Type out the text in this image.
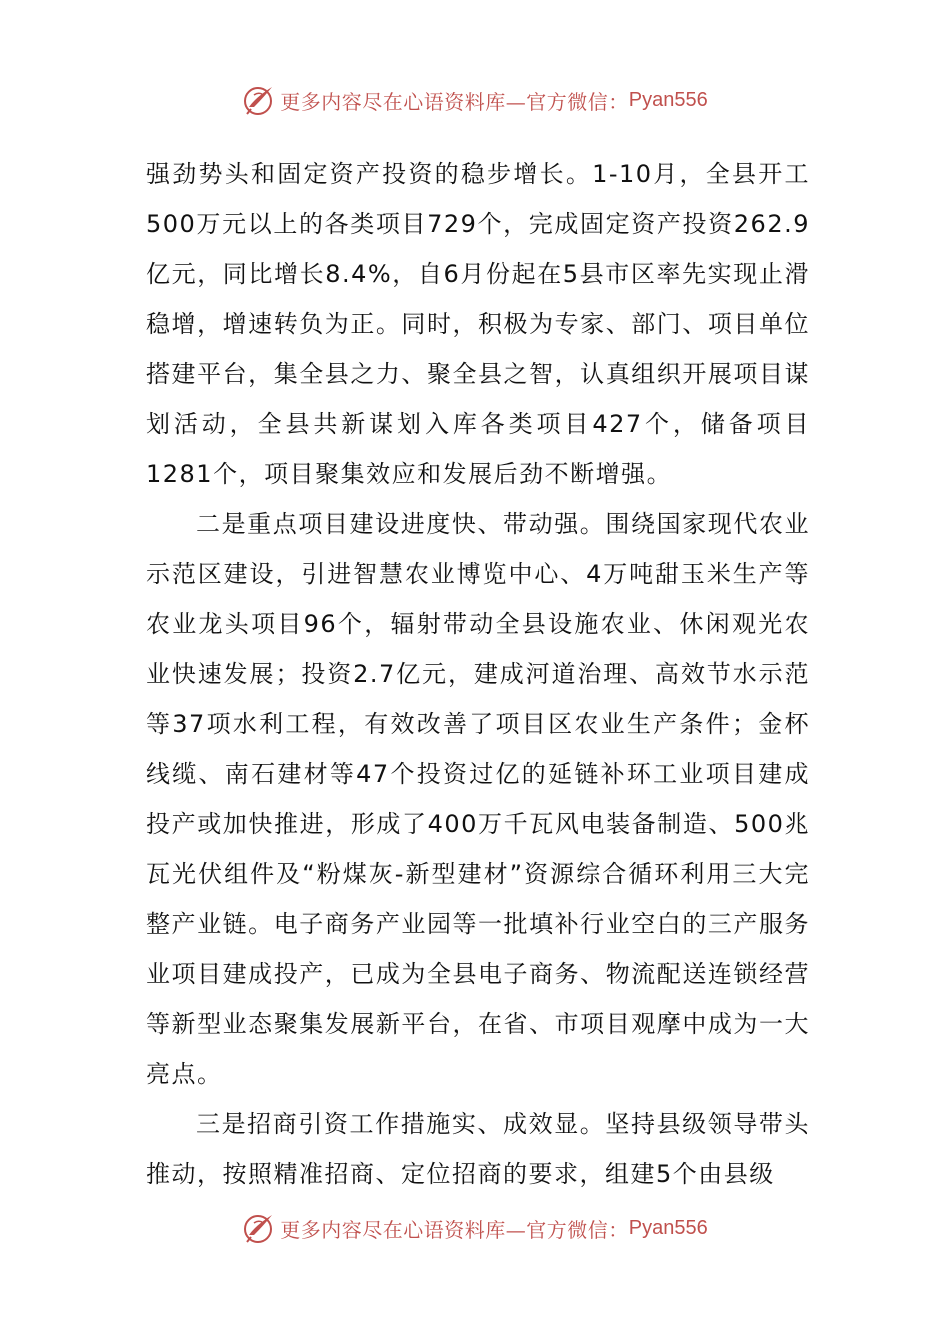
更多内容尽在心语资料库—官方微信： Pyan556

强劲势头和固定资产投资的稳步增长。1-10月，全县开工500万元以上的各类项目729个，完成固定资产投资262.9亿元，同比增长8.4%，自6月份起在5县市区率先实现止滑稳增，增速转负为正。同时，积极为专家、部门、项目单位搭建平台，集全县之力、聚全县之智，认真组织开展项目谋划活动，全县共新谋划入库各类项目427个，储备项目1281个，项目聚集效应和发展后劲不断增强。

二是重点项目建设进度快、带动强。围绕国家现代农业示范区建设，引进智慧农业博览中心、4万吨甜玉米生产等农业龙头项目96个，辐射带动全县设施农业、休闲观光农业快速发展；投资2.7亿元，建成河道治理、高效节水示范等37项水利工程，有效改善了项目区农业生产条件；金杯线缆、南石建材等47个投资过亿的延链补环工业项目建成投产或加快推进，形成了400万千瓦风电装备制造、500兆瓦光伏组件及“粉煤灰-新型建材”资源综合循环利用三大完整产业链。电子商务产业园等一批填补行业空白的三产服务业项目建成投产，已成为全县电子商务、物流配送连锁经营等新型业态聚集发展新平台，在省、市项目观摩中成为一大亮点。

三是招商引资工作措施实、成效显。坚持县级领导带头推动，按照精准招商、定位招商的要求，组建5个由县级

更多内容尽在心语资料库—官方微信： Pyan556
